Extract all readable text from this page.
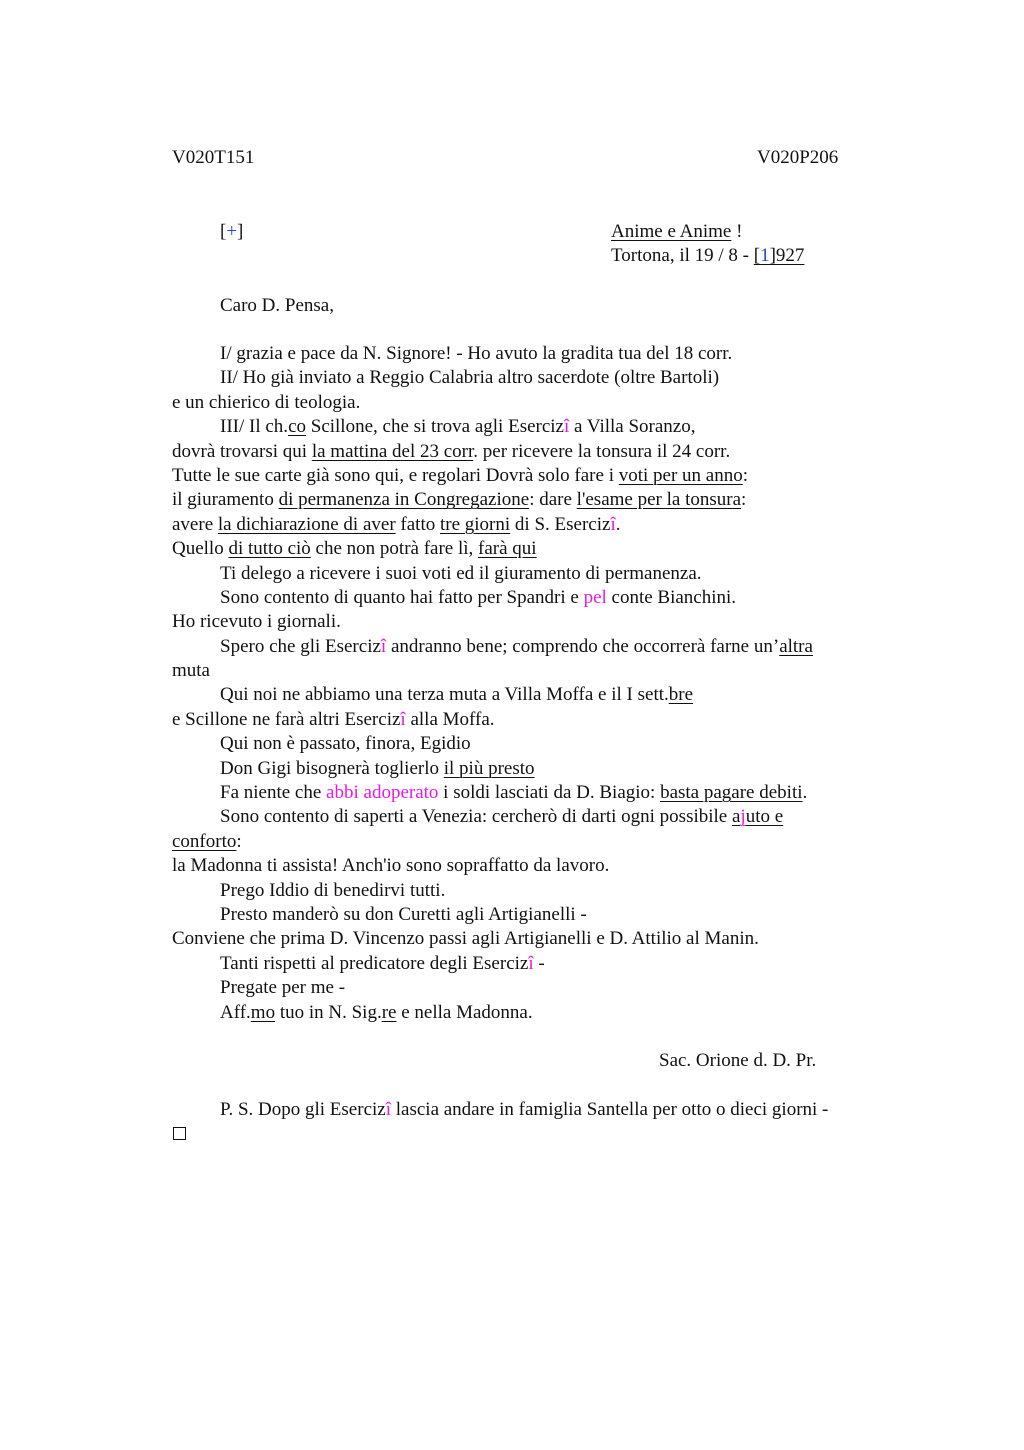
V020T151	V020P206
[+]	Anime e Anime !
Tortona, il 19 / 8 - [1]927
Caro D. Pensa,
I/ grazia e pace da N. Signore! - Ho avuto la gradita tua del 18 corr.
II/ Ho già inviato a Reggio Calabria altro sacerdote (oltre Bartoli)
e un chierico di teologia.
III/ Il ch.co Scillone, che si trova agli Esercizî a Villa Soranzo,
dovrà trovarsi qui la mattina del 23 corr. per ricevere la tonsura il 24 corr.
Tutte le sue carte già sono qui, e regolari Dovrà solo fare i voti per un anno:
il giuramento di permanenza in Congregazione: dare l'esame per la tonsura:
avere la dichiarazione di aver fatto tre giorni di S. Esercizî.
Quello di tutto ciò che non potrà fare lì, farà qui
Ti delego a ricevere i suoi voti ed il giuramento di permanenza.
Sono contento di quanto hai fatto per Spandri e pel conte Bianchini.
Ho ricevuto i giornali.
Spero che gli Esercizî andranno bene; comprendo che occorrerà farne un’altra
muta
Qui noi ne abbiamo una terza muta a Villa Moffa e il I sett.bre
e Scillone ne farà altri Esercizî alla Moffa.
Qui non è passato, finora, Egidio
Don Gigi bisognerà toglierlo il più presto
Fa niente che abbi adoperato i soldi lasciati da D. Biagio: basta pagare debiti.
Sono contento di saperti a Venezia: cercherò di darti ogni possibile ajuto e
conforto:
la Madonna ti assista! Anch'io sono sopraffatto da lavoro.
Prego Iddio di benedirvi tutti.
Presto manderò su don Curetti agli Artigianelli -
Conviene che prima D. Vincenzo passi agli Artigianelli e D. Attilio al Manin.
Tanti rispetti al predicatore degli Esercizî -
Pregate per me -
Aff.mo tuo in N. Sig.re e nella Madonna.
Sac. Orione d. D. Pr.
P. S. Dopo gli Esercizî lascia andare in famiglia Santella per otto o dieci giorni -
